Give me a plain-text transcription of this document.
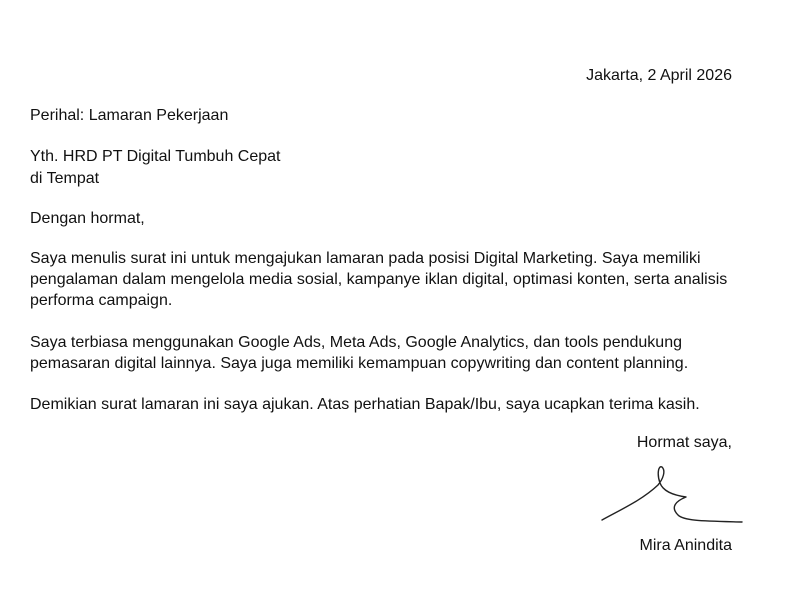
Jakarta, 2 April 2026
Perihal: Lamaran Pekerjaan
Yth. HRD PT Digital Tumbuh Cepat
di Tempat
Dengan hormat,
Saya menulis surat ini untuk mengajukan lamaran pada posisi Digital Marketing. Saya memiliki pengalaman dalam mengelola media sosial, kampanye iklan digital, optimasi konten, serta analisis performa campaign.
Saya terbiasa menggunakan Google Ads, Meta Ads, Google Analytics, dan tools pendukung pemasaran digital lainnya. Saya juga memiliki kemampuan copywriting dan content planning.
Demikian surat lamaran ini saya ajukan. Atas perhatian Bapak/Ibu, saya ucapkan terima kasih.
Hormat saya,
Mira Anindita
